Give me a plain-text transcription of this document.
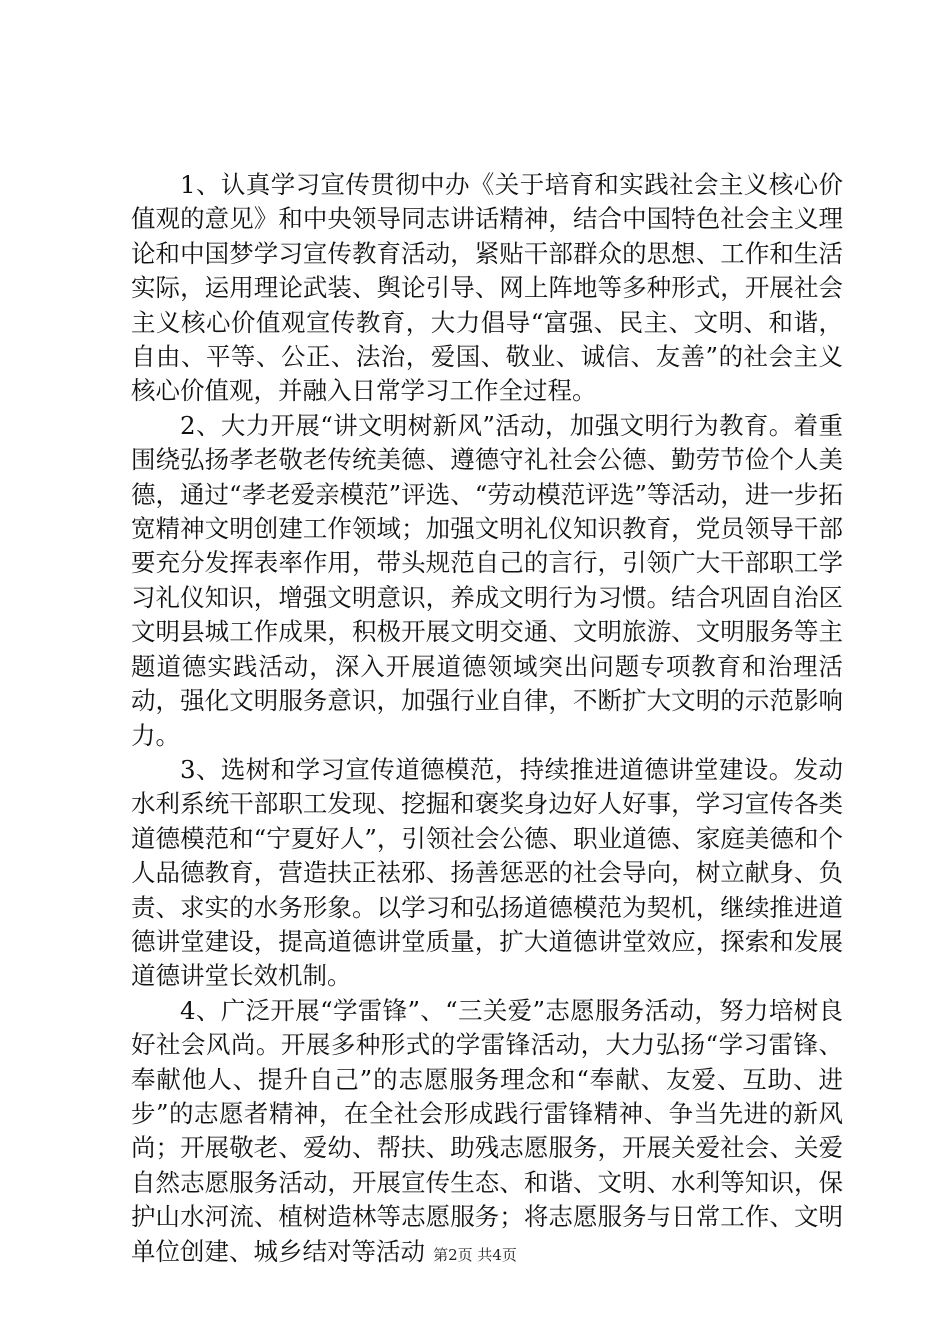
1、认真学习宣传贯彻中办《关于培育和实践社会主义核心价值观的意见》和中央领导同志讲话精神，结合中国特色社会主义理论和中国梦学习宣传教育活动，紧贴干部群众的思想、工作和生活实际，运用理论武装、舆论引导、网上阵地等多种形式，开展社会主义核心价值观宣传教育，大力倡导“富强、民主、文明、和谐，自由、平等、公正、法治，爱国、敬业、诚信、友善”的社会主义核心价值观，并融入日常学习工作全过程。

2、大力开展“讲文明树新风”活动，加强文明行为教育。着重围绕弘扬孝老敬老传统美德、遵德守礼社会公德、勤劳节俭个人美德，通过“孝老爱亲模范”评选、“劳动模范评选”等活动，进一步拓宽精神文明创建工作领域；加强文明礼仪知识教育，党员领导干部要充分发挥表率作用，带头规范自己的言行，引领广大干部职工学习礼仪知识，增强文明意识，养成文明行为习惯。结合巩固自治区文明县城工作成果，积极开展文明交通、文明旅游、文明服务等主题道德实践活动，深入开展道德领域突出问题专项教育和治理活动，强化文明服务意识，加强行业自律，不断扩大文明的示范影响力。

3、选树和学习宣传道德模范，持续推进道德讲堂建设。发动水利系统干部职工发现、挖掘和褒奖身边好人好事，学习宣传各类道德模范和“宁夏好人”，引领社会公德、职业道德、家庭美德和个人品德教育，营造扶正祛邪、扬善惩恶的社会导向，树立献身、负责、求实的水务形象。以学习和弘扬道德模范为契机，继续推进道德讲堂建设，提高道德讲堂质量，扩大道德讲堂效应，探索和发展道德讲堂长效机制。

4、广泛开展“学雷锋”、“三关爱”志愿服务活动，努力培树良好社会风尚。开展多种形式的学雷锋活动，大力弘扬“学习雷锋、奉献他人、提升自己”的志愿服务理念和“奉献、友爱、互助、进步”的志愿者精神，在全社会形成践行雷锋精神、争当先进的新风尚；开展敬老、爱幼、帮扶、助残志愿服务，开展关爱社会、关爱自然志愿服务活动，开展宣传生态、和谐、文明、水利等知识，保护山水河流、植树造林等志愿服务；将志愿服务与日常工作、文明单位创建、城乡结对等活动 第2页 共4页
